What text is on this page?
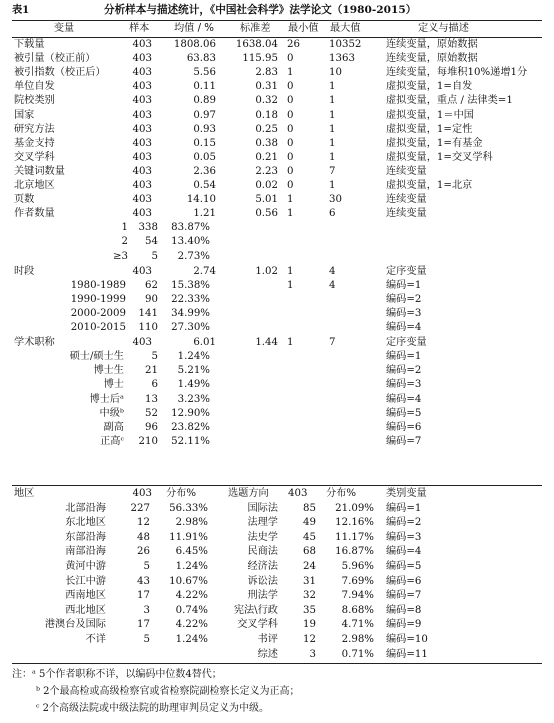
表1	分析样本与描述统计，《中国社会科学》法学论文（1980-2015）
变量	样本 均值 / %	标准差 最小值 最大值	定义与描述
下载量	403	1808.06	1638.04 26	10352 连续变量，原始数据
被引量（校正前）	403	63.83	115.95 0	1363	连续变量，原始数据
被引指数（校正后）	403	5.56	2.83 1	10	连续变量，每堆积10%递增1分
单位自发	403	0.11	0.31 0	1	虚拟变量，1=自发
院校类别	403	0.89	0.32 0	1	虚拟变量，重点 / 法律类=1
国家	403	0.97	0.18 0	1	虚拟变量，1＝中国
研究方法	403	0.93	0.25 0	1	虚拟变量，1=定性
基金支持	403	0.15	0.38 0	1	虚拟变量，1=有基金
交叉学科	403	0.05	0.21 0	1	虚拟变量，1=交叉学科
关键词数量	403	2.36	2.23 0	7	连续变量
北京地区	403	0.54	0.02 0	1	虚拟变量，1=北京
页数	403	14.10	5.01 1	30	连续变量
作者数量	403	1.21	0.56 1	6	连续变量
1	338	83.87%
2	54	13.40%
≥3	5	2.73%
时段	403	2.74	1.02 1	4	定序变量
1980-1989	62	15.38%	1	4	编码=1
1990-1999	90	22.33%	编码=2
2000-2009	141	34.99%	编码=3
2010-2015	110	27.30%	编码=4
学术职称	403	6.01	1.44 1	7	定序变量
硕士/硕士生	5	1.24%	编码=1
博士生	21	5.21%	编码=2
博士	6	1.49%	编码=3
博士后ᵃ	13	3.23%	编码=4
中级ᵇ	52	12.90%	编码=5
副高	96	23.82%	编码=6
正高ᶜ	210	52.11%	编码=7
地区	403 分布%	选题方向 403 分布%	类别变量
北部沿海	227	56.33%	国际法	85	21.09% 编码=1
东北地区	12	2.98%	法理学	49	12.16% 编码=2
东部沿海	48	11.91%	法史学	45	11.17% 编码=3
南部沿海	26	6.45%	民商法	68	16.87% 编码=4
黄河中游	5	1.24%	经济法	24	5.96% 编码=5
长江中游	43	10.67%	诉讼法	31	7.69% 编码=6
西南地区	17	4.22%	刑法学	32	7.94% 编码=7
西北地区	3	0.74%	宪法\行政	35	8.68% 编码=8
港澳台及国际	17	4.22%	交叉学科	19	4.71% 编码=9
不详	5	1.24%	书评	12	2.98% 编码=10
综述	3	0.71% 编码=11
注：ᵃ 5个作者职称不详，以编码中位数4替代；
ᵇ 2个最高检或高级检察官或省检察院副检察长定义为正高；
ᶜ 2个高级法院或中级法院的助理审判员定义为中级。
